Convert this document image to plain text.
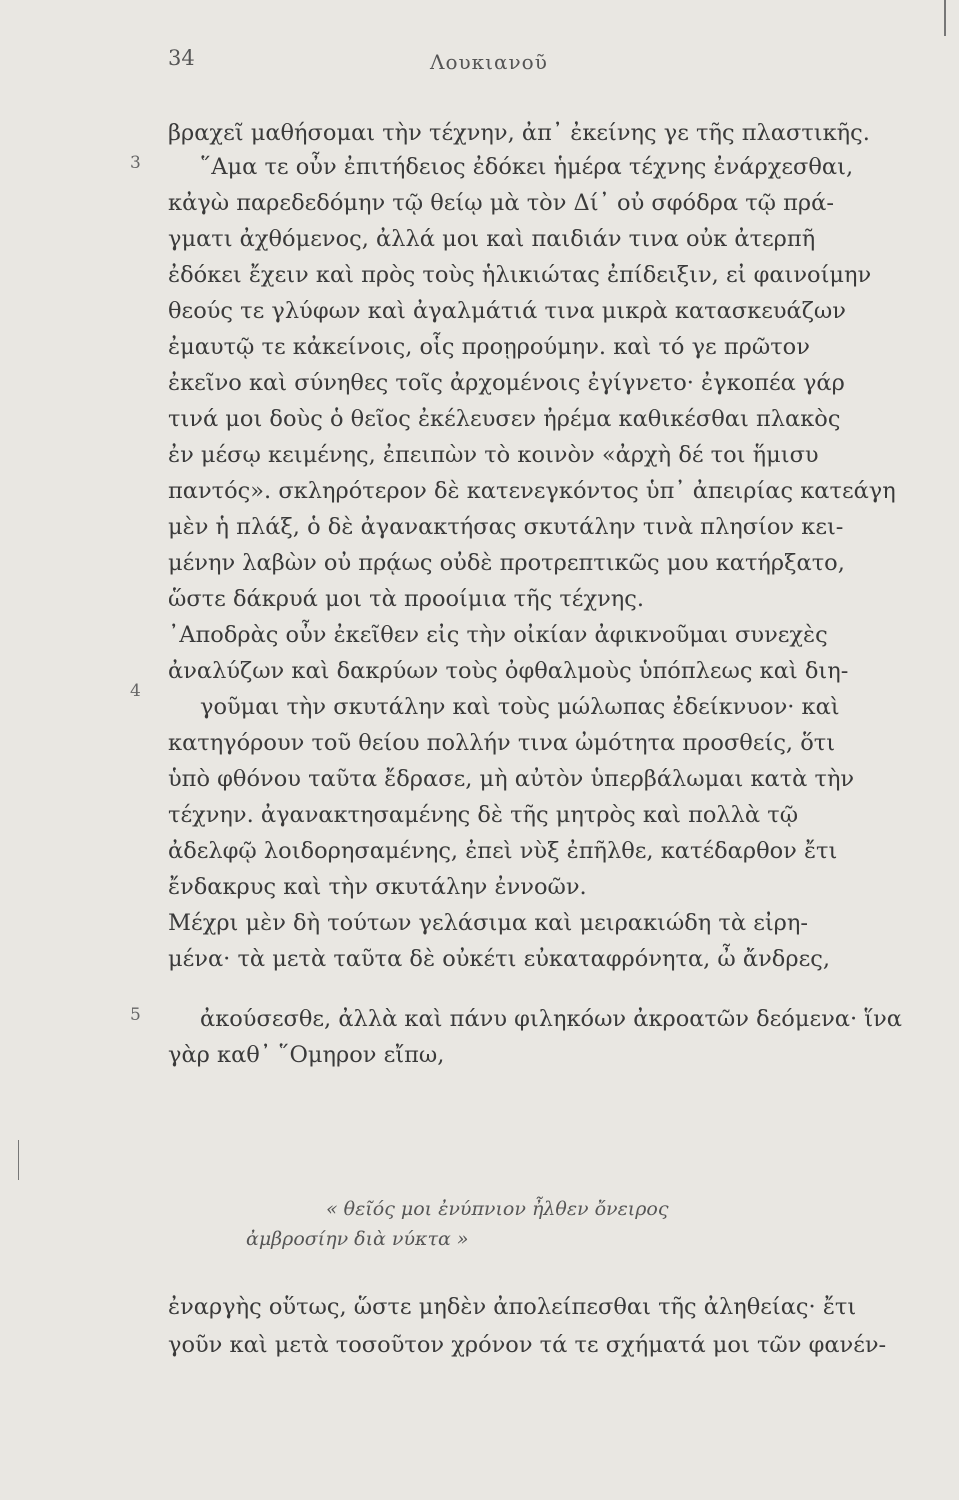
34	Λουκιανοῦ
3
4
5
βραχεῖ μαθήσομαι τὴν τέχνην, ἀπ᾽ ἐκείνης γε τῆς πλαστικῆς.
῞Αμα τε οὖν ἐπιτήδειος ἐδόκει ἡμέρα τέχνης ἐνάρχεσθαι,
κἀγὼ παρεδεδόμην τῷ θείῳ μὰ τὸν Δί᾽ οὐ σφόδρα τῷ πρά-
γματι ἀχθόμενος, ἀλλά μοι καὶ παιδιάν τινα οὐκ ἀτερπῆ
ἐδόκει ἔχειν καὶ πρὸς τοὺς ἡλικιώτας ἐπίδειξιν, εἰ φαινοίμην
θεούς τε γλύφων καὶ ἀγαλμάτιά τινα μικρὰ κατασκευάζων
ἐμαυτῷ τε κἀκείνοις, οἷς προῃρούμην. καὶ τό γε πρῶτον
ἐκεῖνο καὶ σύνηθες τοῖς ἀρχομένοις ἐγίγνετο· ἐγκοπέα γάρ
τινά μοι δοὺς ὁ θεῖος ἐκέλευσεν ἠρέμα καθικέσθαι πλακὸς
ἐν μέσῳ κειμένης, ἐπειπὼν τὸ κοινὸν «ἀρχὴ δέ τοι ἥμισυ
παντός». σκληρότερον δὲ κατενεγκόντος ὑπ᾽ ἀπειρίας κατεάγη
μὲν ἡ πλάξ, ὁ δὲ ἀγανακτήσας σκυτάλην τινὰ πλησίον κει-
μένην λαβὼν οὐ πρᾴως οὐδὲ προτρεπτικῶς μου κατήρξατο,
ὥστε δάκρυά μοι τὰ προοίμια τῆς τέχνης.
᾽Αποδρὰς οὖν ἐκεῖθεν εἰς τὴν οἰκίαν ἀφικνοῦμαι συνεχὲς
ἀναλύζων καὶ δακρύων τοὺς ὀφθαλμοὺς ὑπόπλεως καὶ διη-
γοῦμαι τὴν σκυτάλην καὶ τοὺς μώλωπας ἐδείκνυον· καὶ
κατηγόρουν τοῦ θείου πολλήν τινα ὠμότητα προσθείς, ὅτι
ὑπὸ φθόνου ταῦτα ἔδρασε, μὴ αὐτὸν ὑπερβάλωμαι κατὰ τὴν
τέχνην. ἀγανακτησαμένης δὲ τῆς μητρὸς καὶ πολλὰ τῷ
ἀδελφῷ λοιδορησαμένης, ἐπεὶ νὺξ ἐπῆλθε, κατέδαρθον ἔτι
ἔνδακρυς καὶ τὴν σκυτάλην ἐννοῶν.
Μέχρι μὲν δὴ τούτων γελάσιμα καὶ μειρακιώδη τὰ εἰρη-
μένα· τὰ μετὰ ταῦτα δὲ οὐκέτι εὐκαταφρόνητα, ὦ ἄνδρες,
ἀκούσεσθε, ἀλλὰ καὶ πάνυ φιληκόων ἀκροατῶν δεόμενα· ἵνα
γὰρ καθ᾽ ῞Ομηρον εἴπω,
« θεῖός μοι ἐνύπνιον ἦλθεν ὄνειρος
ἀμβροσίην διὰ νύκτα »
ἐναργὴς οὕτως, ὥστε μηδὲν ἀπολείπεσθαι τῆς ἀληθείας· ἔτι
γοῦν καὶ μετὰ τοσοῦτον χρόνον τά τε σχήματά μοι τῶν φανέν-
